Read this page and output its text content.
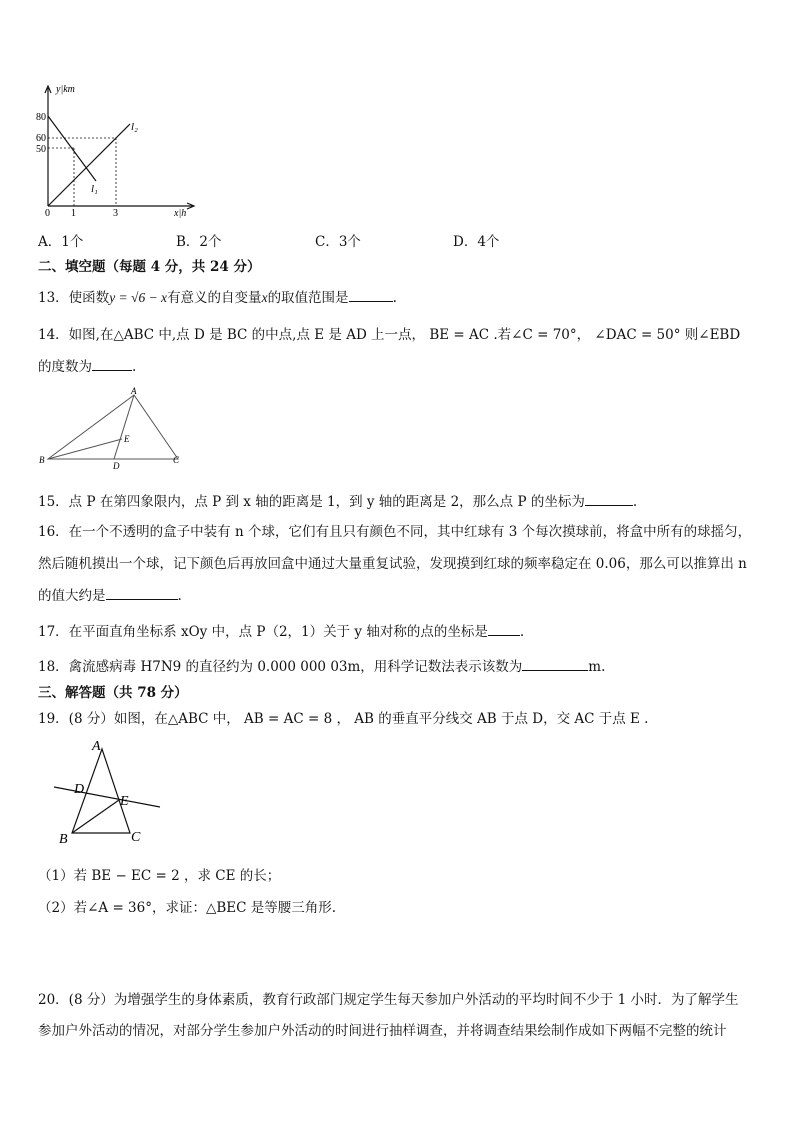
y|km
80
60
50
0 1	3	x|h
l₂
l₁
A．1个	B．2个	C．3个	D．4个
二、填空题（每题 4 分，共 24 分）
13．使函数y = √6 − x有意义的自变量x的取值范围是	.
14．如图,在△ABC 中,点 D 是 BC 的中点,点 E 是 AD 上一点， BE = AC .若∠C = 70°， ∠DAC = 50° 则∠EBD
的度数为	.
A
E
B
D
C
15．点 P 在第四象限内，点 P 到 x 轴的距离是 1，到 y 轴的距离是 2，那么点 P 的坐标为	.
16．在一个不透明的盒子中装有 n 个球，它们有且只有颜色不同，其中红球有 3 个每次摸球前，将盒中所有的球摇匀，
然后随机摸出一个球，记下颜色后再放回盒中通过大量重复试验，发现摸到红球的频率稳定在 0.06，那么可以推算出 n
的值大约是	.
17．在平面直角坐标系 xOy 中，点 P（2，1）关于 y 轴对称的点的坐标是 .
18．禽流感病毒 H7N9 的直径约为 0.000 000 03m，用科学记数法表示该数为	m.
三、解答题（共 78 分）
19．(8 分）如图，在△ABC 中， AB = AC = 8 ， AB 的垂直平分线交 AB 于点 D，交 AC 于点 E .
A
D
E
B	C
（1）若 BE − EC = 2 ，求 CE 的长；
（2）若∠A = 36°，求证：△BEC 是等腰三角形.
20．(8 分）为增强学生的身体素质，教育行政部门规定学生每天参加户外活动的平均时间不少于 1 小时．为了解学生
参加户外活动的情况，对部分学生参加户外活动的时间进行抽样调查，并将调查结果绘制作成如下两幅不完整的统计
